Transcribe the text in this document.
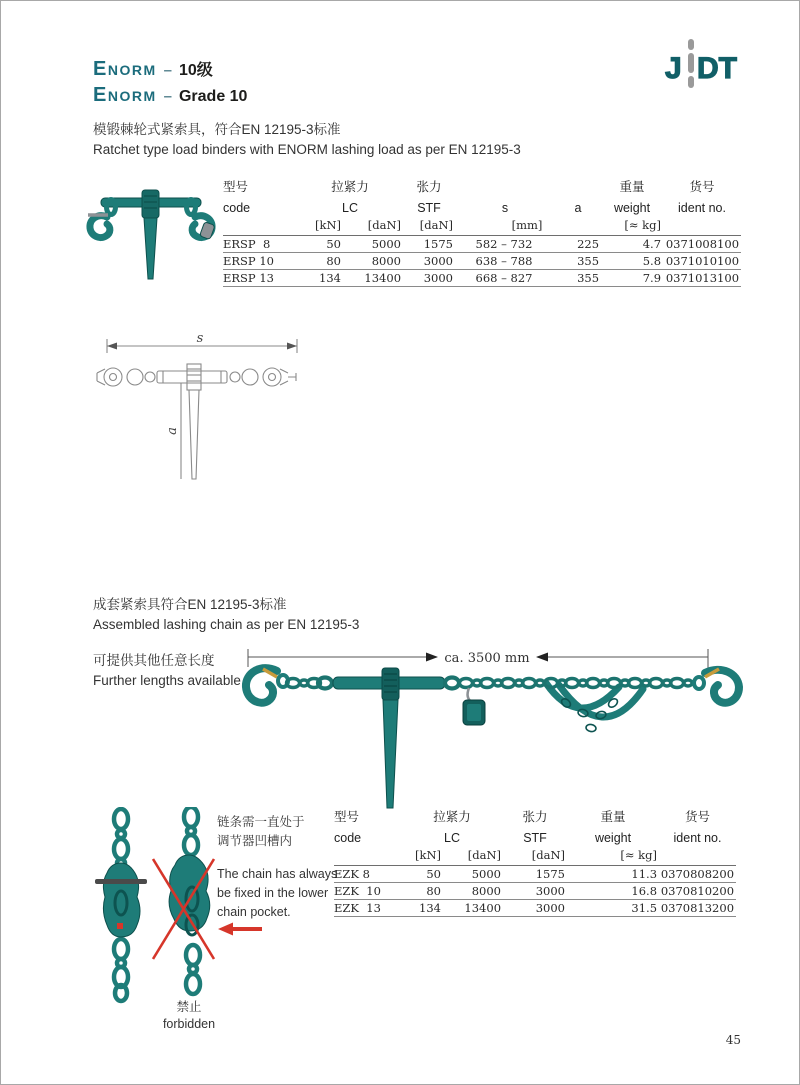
Enorm – 10级
Enorm – Grade 10
J DT
模锻棘轮式紧索具，符合EN 12195-3标准
Ratchet type load binders with ENORM lashing load as per EN 12195-3
型号	拉紧力		张力			重量	货号
code	LC		STF	s	a	weight	ident no.
	[kN]	[daN]	[daN]	[mm]		[≈ kg]	
ERSP  8	50	5000	1575	582 – 732	225	4.7	0371008100
ERSP 10	80	8000	3000	638 – 788	355	5.8	0371010100
ERSP 13	134	13400	3000	668 – 827	355	7.9	0371013100
s
a
成套紧索具符合EN 12195-3标准
Assembled lashing chain as per EN 12195-3
可提供其他任意长度
Further lengths available.
ca. 3500 mm
链条需一直处于
调节器凹槽内
The chain has always
be fixed in the lower
chain pocket.
禁止
forbidden
型号	拉紧力		张力	重量	货号
code	LC		STF	weight	ident no.
	[kN]	[daN]	[daN]	[≈ kg]	
EZK 8	50	5000	1575	11.3	0370808200
EZK  10	80	8000	3000	16.8	0370810200
EZK  13	134	13400	3000	31.5	0370813200
45
